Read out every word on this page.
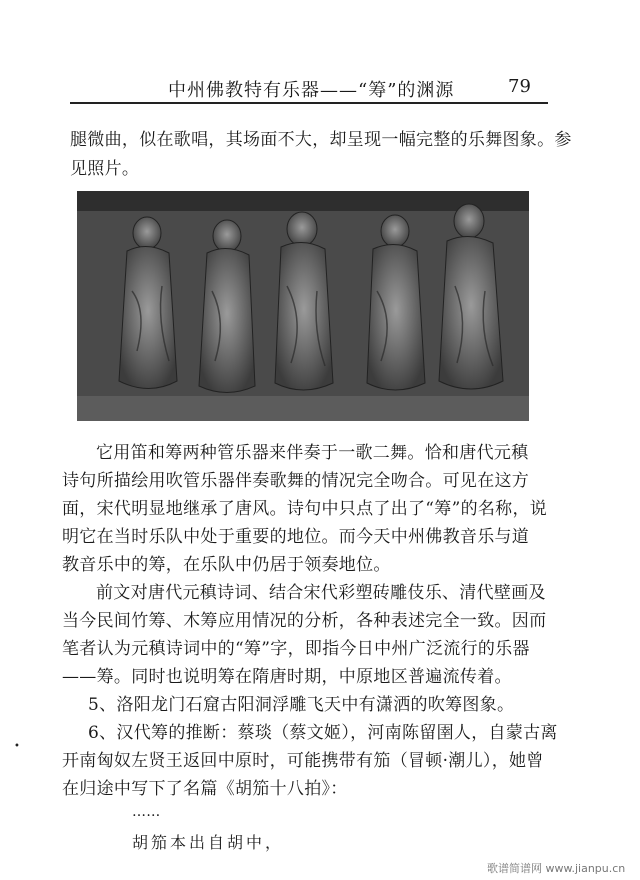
中州佛教特有乐器——“筹”的渊源	79
腿微曲，似在歌唱，其场面不大，却呈现一幅完整的乐舞图象。参
见照片。
它用笛和筹两种管乐器来伴奏于一歌二舞。恰和唐代元稹
诗句所描绘用吹管乐器伴奏歌舞的情况完全吻合。可见在这方
面，宋代明显地继承了唐风。诗句中只点了出了“筹”的名称，说
明它在当时乐队中处于重要的地位。而今天中州佛教音乐与道
教音乐中的筹，在乐队中仍居于领奏地位。
前文对唐代元稹诗词、结合宋代彩塑砖雕伎乐、清代壁画及
当今民间竹筹、木筹应用情况的分析，各种表述完全一致。因而
笔者认为元稹诗词中的“筹”字，即指今日中州广泛流行的乐器
——筹。同时也说明筹在隋唐时期，中原地区普遍流传着。
5、洛阳龙门石窟古阳洞浮雕飞天中有潇洒的吹筹图象。
6、汉代筹的推断：蔡琰（蔡文姬），河南陈留圉人，自蒙古离
开南匈奴左贤王返回中原时，可能携带有笳（冒顿·潮儿），她曾
在归途中写下了名篇《胡笳十八拍》：
……
胡笳本出自胡中，
•
歌谱简谱网 www.jianpu.cn
